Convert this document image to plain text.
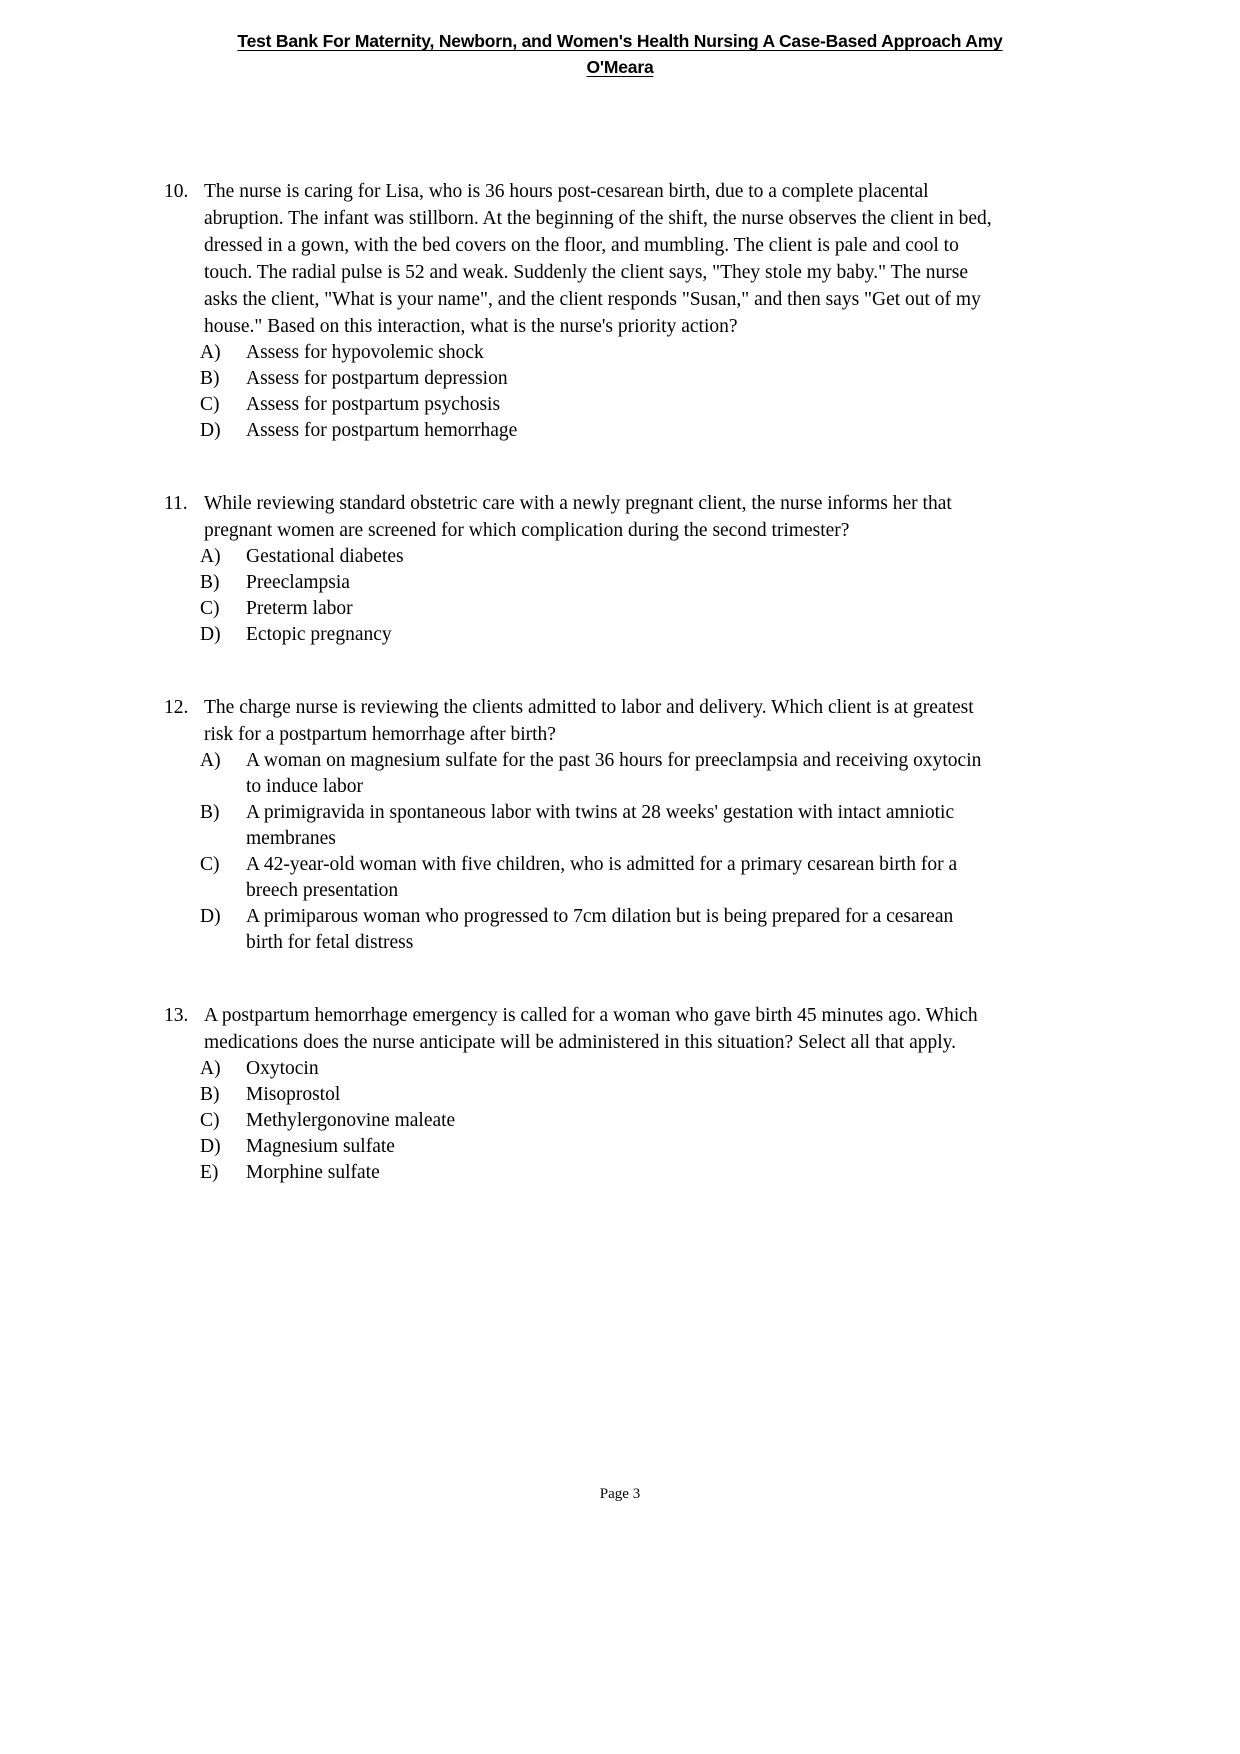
Test Bank For Maternity, Newborn, and Women's Health Nursing A Case-Based Approach Amy
O'Meara
10. The nurse is caring for Lisa, who is 36 hours post-cesarean birth, due to a complete placental abruption. The infant was stillborn. At the beginning of the shift, the nurse observes the client in bed, dressed in a gown, with the bed covers on the floor, and mumbling. The client is pale and cool to touch. The radial pulse is 52 and weak. Suddenly the client says, "They stole my baby." The nurse asks the client, "What is your name", and the client responds "Susan," and then says "Get out of my house." Based on this interaction, what is the nurse's priority action?
A)	Assess for hypovolemic shock
B)	Assess for postpartum depression
C)	Assess for postpartum psychosis
D)	Assess for postpartum hemorrhage
11. While reviewing standard obstetric care with a newly pregnant client, the nurse informs her that pregnant women are screened for which complication during the second trimester?
A)	Gestational diabetes
B)	Preeclampsia
C)	Preterm labor
D)	Ectopic pregnancy
12. The charge nurse is reviewing the clients admitted to labor and delivery. Which client is at greatest risk for a postpartum hemorrhage after birth?
A)	A woman on magnesium sulfate for the past 36 hours for preeclampsia and receiving oxytocin to induce labor
B)	A primigravida in spontaneous labor with twins at 28 weeks' gestation with intact amniotic membranes
C)	A 42-year-old woman with five children, who is admitted for a primary cesarean birth for a breech presentation
D)	A primiparous woman who progressed to 7cm dilation but is being prepared for a cesarean birth for fetal distress
13. A postpartum hemorrhage emergency is called for a woman who gave birth 45 minutes ago. Which medications does the nurse anticipate will be administered in this situation? Select all that apply.
A)	Oxytocin
B)	Misoprostol
C)	Methylergonovine maleate
D)	Magnesium sulfate
E)	Morphine sulfate
Page 3
